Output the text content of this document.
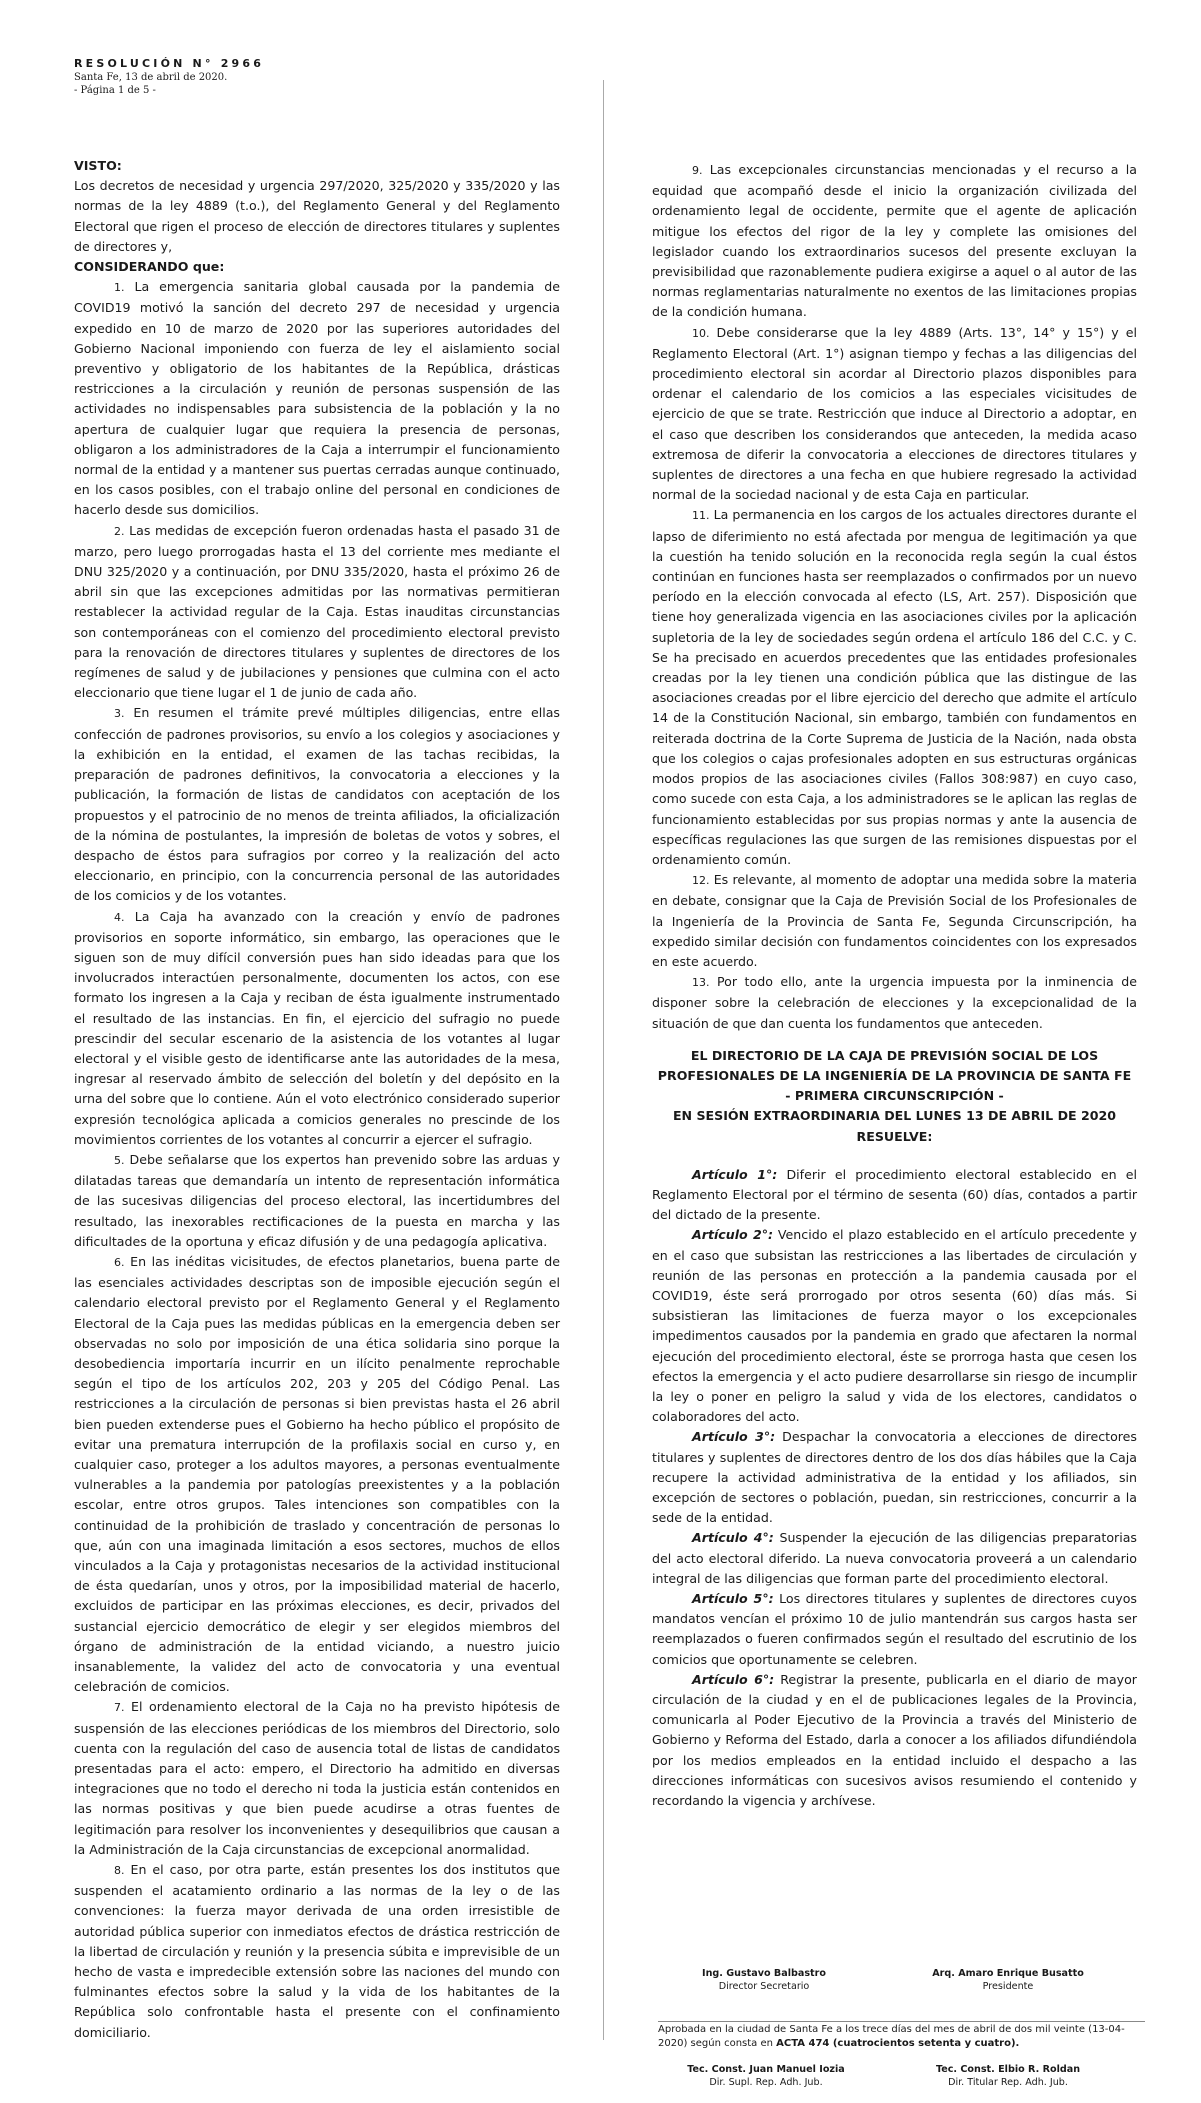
RESOLUCIÓN N° 2966
Santa Fe, 13 de abril de 2020.
- Página 1 de 5 -

VISTO:

Los decretos de necesidad y urgencia 297/2020, 325/2020 y 335/2020 y las normas de la ley 4889 (t.o.), del Reglamento General y del Reglamento Electoral que rigen el proceso de elección de directores titulares y suplentes de directores y,

CONSIDERANDO que:

1. La emergencia sanitaria global causada por la pandemia de COVID19 motivó la sanción del decreto 297 de necesidad y urgencia expedido en 10 de marzo de 2020 por las superiores autoridades del Gobierno Nacional imponiendo con fuerza de ley el aislamiento social preventivo y obligatorio de los habitantes de la República, drásticas restricciones a la circulación y reunión de personas suspensión de las actividades no indispensables para subsistencia de la población y la no apertura de cualquier lugar que requiera la presencia de personas, obligaron a los administradores de la Caja a interrumpir el funcionamiento normal de la entidad y a mantener sus puertas cerradas aunque continuado, en los casos posibles, con el trabajo online del personal en condiciones de hacerlo desde sus domicilios.

2. Las medidas de excepción fueron ordenadas hasta el pasado 31 de marzo, pero luego prorrogadas hasta el 13 del corriente mes mediante el DNU 325/2020 y a continuación, por DNU 335/2020, hasta el próximo 26 de abril sin que las excepciones admitidas por las normativas permitieran restablecer la actividad regular de la Caja. Estas inauditas circunstancias son contemporáneas con el comienzo del procedimiento electoral previsto para la renovación de directores titulares y suplentes de directores de los regímenes de salud y de jubilaciones y pensiones que culmina con el acto eleccionario que tiene lugar el 1 de junio de cada año.

3. En resumen el trámite prevé múltiples diligencias, entre ellas confección de padrones provisorios, su envío a los colegios y asociaciones y la exhibición en la entidad, el examen de las tachas recibidas, la preparación de padrones definitivos, la convocatoria a elecciones y la publicación, la formación de listas de candidatos con aceptación de los propuestos y el patrocinio de no menos de treinta afiliados, la oficialización de la nómina de postulantes, la impresión de boletas de votos y sobres, el despacho de éstos para sufragios por correo y la realización del acto eleccionario, en principio, con la concurrencia personal de las autoridades de los comicios y de los votantes.

4. La Caja ha avanzado con la creación y envío de padrones provisorios en soporte informático, sin embargo, las operaciones que le siguen son de muy difícil conversión pues han sido ideadas para que los involucrados interactúen personalmente, documenten los actos, con ese formato los ingresen a la Caja y reciban de ésta igualmente instrumentado el resultado de las instancias. En fin, el ejercicio del sufragio no puede prescindir del secular escenario de la asistencia de los votantes al lugar electoral y el visible gesto de identificarse ante las autoridades de la mesa, ingresar al reservado ámbito de selección del boletín y del depósito en la urna del sobre que lo contiene. Aún el voto electrónico considerado superior expresión tecnológica aplicada a comicios generales no prescinde de los movimientos corrientes de los votantes al concurrir a ejercer el sufragio.

5. Debe señalarse que los expertos han prevenido sobre las arduas y dilatadas tareas que demandaría un intento de representación informática de las sucesivas diligencias del proceso electoral, las incertidumbres del resultado, las inexorables rectificaciones de la puesta en marcha y las dificultades de la oportuna y eficaz difusión y de una pedagogía aplicativa.

6. En las inéditas vicisitudes, de efectos planetarios, buena parte de las esenciales actividades descriptas son de imposible ejecución según el calendario electoral previsto por el Reglamento General y el Reglamento Electoral de la Caja pues las medidas públicas en la emergencia deben ser observadas no solo por imposición de una ética solidaria sino porque la desobediencia importaría incurrir en un ilícito penalmente reprochable según el tipo de los artículos 202, 203 y 205 del Código Penal. Las restricciones a la circulación de personas si bien previstas hasta el 26 abril bien pueden extenderse pues el Gobierno ha hecho público el propósito de evitar una prematura interrupción de la profilaxis social en curso y, en cualquier caso, proteger a los adultos mayores, a personas eventualmente vulnerables a la pandemia por patologías preexistentes y a la población escolar, entre otros grupos. Tales intenciones son compatibles con la continuidad de la prohibición de traslado y concentración de personas lo que, aún con una imaginada limitación a esos sectores, muchos de ellos vinculados a la Caja y protagonistas necesarios de la actividad institucional de ésta quedarían, unos y otros, por la imposibilidad material de hacerlo, excluidos de participar en las próximas elecciones, es decir, privados del sustancial ejercicio democrático de elegir y ser elegidos miembros del órgano de administración de la entidad viciando, a nuestro juicio insanablemente, la validez del acto de convocatoria y una eventual celebración de comicios.

7. El ordenamiento electoral de la Caja no ha previsto hipótesis de suspensión de las elecciones periódicas de los miembros del Directorio, solo cuenta con la regulación del caso de ausencia total de listas de candidatos presentadas para el acto: empero, el Directorio ha admitido en diversas integraciones que no todo el derecho ni toda la justicia están contenidos en las normas positivas y que bien puede acudirse a otras fuentes de legitimación para resolver los inconvenientes y desequilibrios que causan a la Administración de la Caja circunstancias de excepcional anormalidad.

8. En el caso, por otra parte, están presentes los dos institutos que suspenden el acatamiento ordinario a las normas de la ley o de las convenciones: la fuerza mayor derivada de una orden irresistible de autoridad pública superior con inmediatos efectos de drástica restricción de la libertad de circulación y reunión y la presencia súbita e imprevisible de un hecho de vasta e impredecible extensión sobre las naciones del mundo con fulminantes efectos sobre la salud y la vida de los habitantes de la República solo confrontable hasta el presente con el confinamiento domiciliario.

9. Las excepcionales circunstancias mencionadas y el recurso a la equidad que acompañó desde el inicio la organización civilizada del ordenamiento legal de occidente, permite que el agente de aplicación mitigue los efectos del rigor de la ley y complete las omisiones del legislador cuando los extraordinarios sucesos del presente excluyan la previsibilidad que razonablemente pudiera exigirse a aquel o al autor de las normas reglamentarias naturalmente no exentos de las limitaciones propias de la condición humana.

10. Debe considerarse que la ley 4889 (Arts. 13°, 14° y 15°) y el Reglamento Electoral (Art. 1°) asignan tiempo y fechas a las diligencias del procedimiento electoral sin acordar al Directorio plazos disponibles para ordenar el calendario de los comicios a las especiales vicisitudes de ejercicio de que se trate. Restricción que induce al Directorio a adoptar, en el caso que describen los considerandos que anteceden, la medida acaso extremosa de diferir la convocatoria a elecciones de directores titulares y suplentes de directores a una fecha en que hubiere regresado la actividad normal de la sociedad nacional y de esta Caja en particular.

11. La permanencia en los cargos de los actuales directores durante el lapso de diferimiento no está afectada por mengua de legitimación ya que la cuestión ha tenido solución en la reconocida regla según la cual éstos continúan en funciones hasta ser reemplazados o confirmados por un nuevo período en la elección convocada al efecto (LS, Art. 257). Disposición que tiene hoy generalizada vigencia en las asociaciones civiles por la aplicación supletoria de la ley de sociedades según ordena el artículo 186 del C.C. y C. Se ha precisado en acuerdos precedentes que las entidades profesionales creadas por la ley tienen una condición pública que las distingue de las asociaciones creadas por el libre ejercicio del derecho que admite el artículo 14 de la Constitución Nacional, sin embargo, también con fundamentos en reiterada doctrina de la Corte Suprema de Justicia de la Nación, nada obsta que los colegios o cajas profesionales adopten en sus estructuras orgánicas modos propios de las asociaciones civiles (Fallos 308:987) en cuyo caso, como sucede con esta Caja, a los administradores se le aplican las reglas de funcionamiento establecidas por sus propias normas y ante la ausencia de específicas regulaciones las que surgen de las remisiones dispuestas por el ordenamiento común.

12. Es relevante, al momento de adoptar una medida sobre la materia en debate, consignar que la Caja de Previsión Social de los Profesionales de la Ingeniería de la Provincia de Santa Fe, Segunda Circunscripción, ha expedido similar decisión con fundamentos coincidentes con los expresados en este acuerdo.

13. Por todo ello, ante la urgencia impuesta por la inminencia de disponer sobre la celebración de elecciones y la excepcionalidad de la situación de que dan cuenta los fundamentos que anteceden.

EL DIRECTORIO DE LA CAJA DE PREVISIÓN SOCIAL DE LOS

PROFESIONALES DE LA INGENIERÍA DE LA PROVINCIA DE SANTA FE

- PRIMERA CIRCUNSCRIPCIÓN -

EN SESIÓN EXTRAORDINARIA DEL LUNES 13 DE ABRIL DE 2020

RESUELVE:

Artículo 1°: Diferir el procedimiento electoral establecido en el Reglamento Electoral por el término de sesenta (60) días, contados a partir del dictado de la presente.

Artículo 2°: Vencido el plazo establecido en el artículo precedente y en el caso que subsistan las restricciones a las libertades de circulación y reunión de las personas en protección a la pandemia causada por el COVID19, éste será prorrogado por otros sesenta (60) días más. Si subsistieran las limitaciones de fuerza mayor o los excepcionales impedimentos causados por la pandemia en grado que afectaren la normal ejecución del procedimiento electoral, éste se prorroga hasta que cesen los efectos la emergencia y el acto pudiere desarrollarse sin riesgo de incumplir la ley o poner en peligro la salud y vida de los electores, candidatos o colaboradores del acto.

Artículo 3°: Despachar la convocatoria a elecciones de directores titulares y suplentes de directores dentro de los dos días hábiles que la Caja recupere la actividad administrativa de la entidad y los afiliados, sin excepción de sectores o población, puedan, sin restricciones, concurrir a la sede de la entidad.

Artículo 4°: Suspender la ejecución de las diligencias preparatorias del acto electoral diferido. La nueva convocatoria proveerá a un calendario integral de las diligencias que forman parte del procedimiento electoral.

Artículo 5°: Los directores titulares y suplentes de directores cuyos mandatos vencían el próximo 10 de julio mantendrán sus cargos hasta ser reemplazados o fueren confirmados según el resultado del escrutinio de los comicios que oportunamente se celebren.

Artículo 6°: Registrar la presente, publicarla en el diario de mayor circulación de la ciudad y en el de publicaciones legales de la Provincia, comunicarla al Poder Ejecutivo de la Provincia a través del Ministerio de Gobierno y Reforma del Estado, darla a conocer a los afiliados difundiéndola por los medios empleados en la entidad incluido el despacho a las direcciones informáticas con sucesivos avisos resumiendo el contenido y recordando la vigencia y archívese.

Ing. Gustavo Balbastro
Director Secretario
Arq. Amaro Enrique Busatto
Presidente
Aprobada en la ciudad de Santa Fe a los trece días del mes de abril de dos mil veinte (13-04-2020) según consta en ACTA 474 (cuatrocientos setenta y cuatro).
Tec. Const. Juan Manuel Iozia
Dir. Supl. Rep. Adh. Jub.
Tec. Const. Elbio R. Roldan
Dir. Titular Rep. Adh. Jub.
